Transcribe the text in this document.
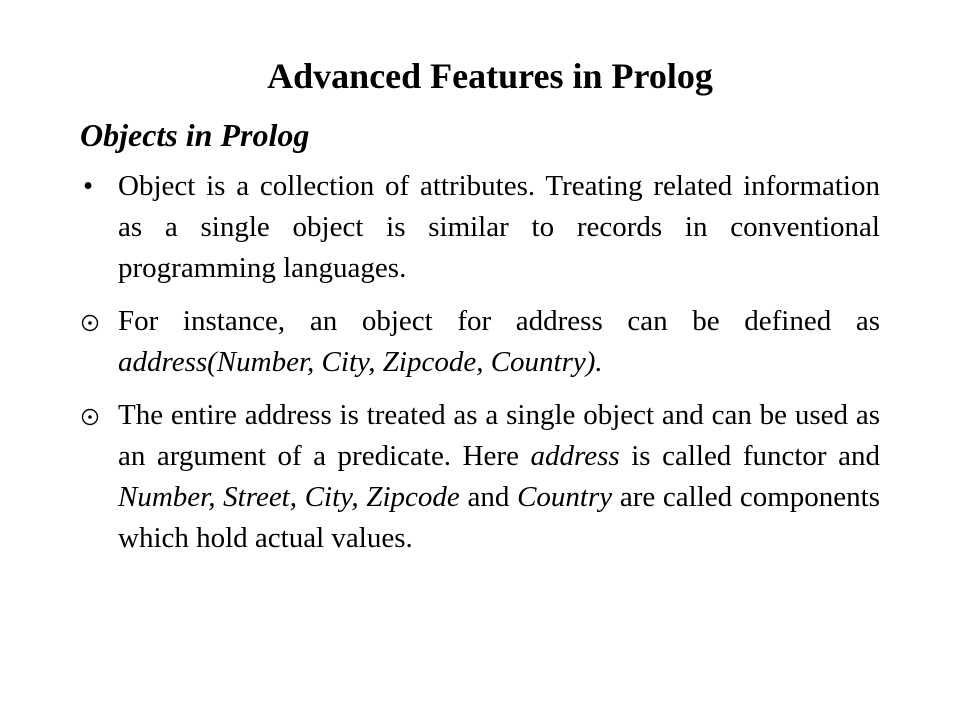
Advanced Features in Prolog
Objects in Prolog
• Object is a collection of attributes. Treating related information as a single object is similar to records in conventional programming languages.
For instance, an object for address can be defined as address(Number, City, Zipcode, Country).
The entire address is treated as a single object and can be used as an argument of a predicate. Here address is called functor and Number, Street, City, Zipcode and Country are called components which hold actual values.
